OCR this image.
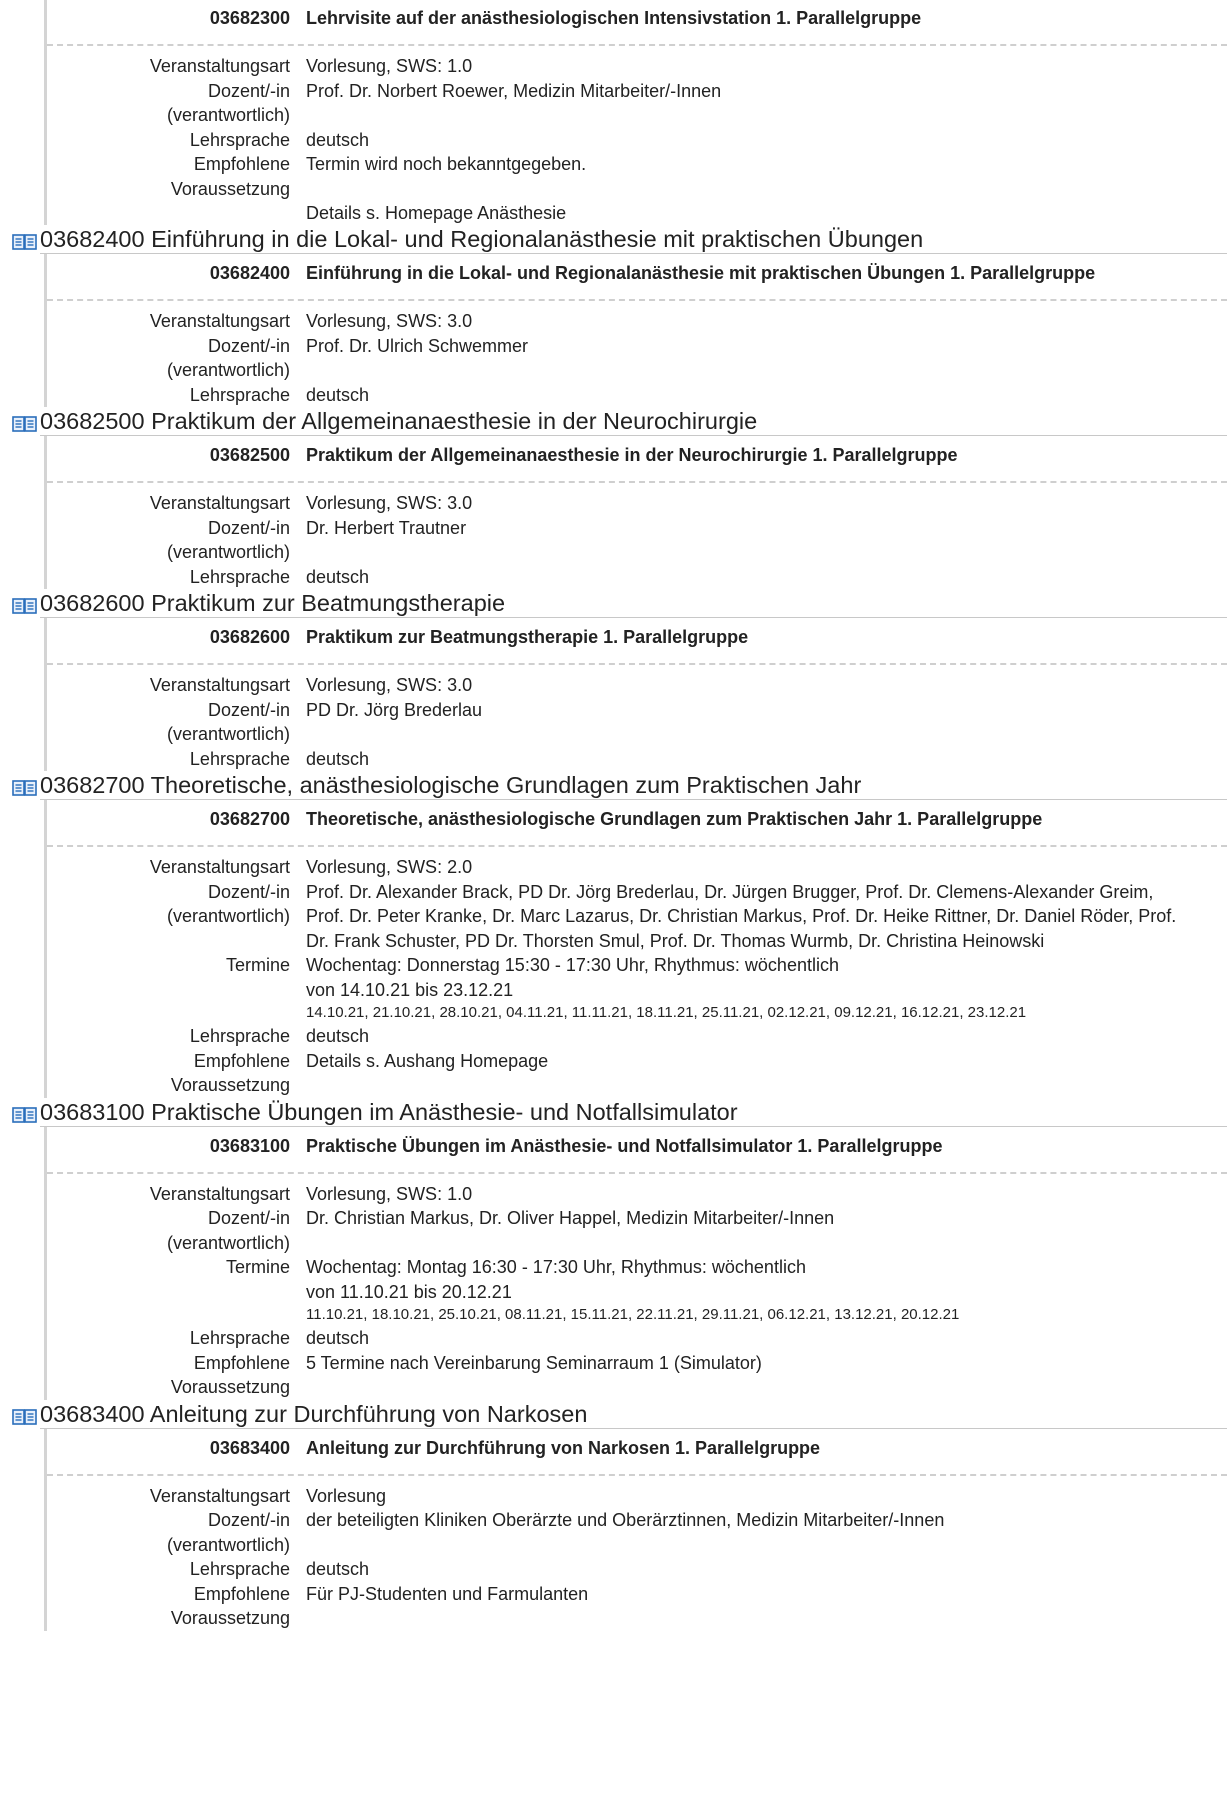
03682300 Lehrvisite auf der anästhesiologischen Intensivstation 1. Parallelgruppe
Veranstaltungsart Vorlesung, SWS: 1.0
Dozent/-in (verantwortlich)
Prof. Dr. Norbert Roewer, Medizin Mitarbeiter/-Innen
Lehrsprache deutsch
Empfohlene Voraussetzung
Termin wird noch bekanntgegeben.
Details s. Homepage Anästhesie
03682400 Einführung in die Lokal- und Regionalanästhesie mit praktischen Übungen
03682400 Einführung in die Lokal- und Regionalanästhesie mit praktischen Übungen 1. Parallelgruppe
Veranstaltungsart Vorlesung, SWS: 3.0
Dozent/-in (verantwortlich)
Prof. Dr. Ulrich Schwemmer
Lehrsprache deutsch
03682500 Praktikum der Allgemeinanaesthesie in der Neurochirurgie
03682500 Praktikum der Allgemeinanaesthesie in der Neurochirurgie 1. Parallelgruppe
Veranstaltungsart Vorlesung, SWS: 3.0
Dozent/-in (verantwortlich)
Dr. Herbert Trautner
Lehrsprache deutsch
03682600 Praktikum zur Beatmungstherapie
03682600 Praktikum zur Beatmungstherapie 1. Parallelgruppe
Veranstaltungsart Vorlesung, SWS: 3.0
Dozent/-in (verantwortlich)
PD Dr. Jörg Brederlau
Lehrsprache deutsch
03682700 Theoretische, anästhesiologische Grundlagen zum Praktischen Jahr
03682700 Theoretische, anästhesiologische Grundlagen zum Praktischen Jahr 1. Parallelgruppe
Veranstaltungsart Vorlesung, SWS: 2.0
Dozent/-in (verantwortlich)
Prof. Dr. Alexander Brack, PD Dr. Jörg Brederlau, Dr. Jürgen Brugger, Prof. Dr. Clemens-Alexander Greim, Prof. Dr. Peter Kranke, Dr. Marc Lazarus, Dr. Christian Markus, Prof. Dr. Heike Rittner, Dr. Daniel Röder, Prof. Dr. Frank Schuster, PD Dr. Thorsten Smul, Prof. Dr. Thomas Wurmb, Dr. Christina Heinowski
Termine Wochentag: Donnerstag 15:30 - 17:30 Uhr, Rhythmus: wöchentlich
von 14.10.21 bis 23.12.21
14.10.21, 21.10.21, 28.10.21, 04.11.21, 11.11.21, 18.11.21, 25.11.21, 02.12.21, 09.12.21, 16.12.21, 23.12.21
Lehrsprache deutsch
Empfohlene Voraussetzung
Details s. Aushang Homepage
03683100 Praktische Übungen im Anästhesie- und Notfallsimulator
03683100 Praktische Übungen im Anästhesie- und Notfallsimulator 1. Parallelgruppe
Veranstaltungsart Vorlesung, SWS: 1.0
Dozent/-in (verantwortlich)
Dr. Christian Markus, Dr. Oliver Happel, Medizin Mitarbeiter/-Innen
Termine Wochentag: Montag 16:30 - 17:30 Uhr, Rhythmus: wöchentlich
von 11.10.21 bis 20.12.21
11.10.21, 18.10.21, 25.10.21, 08.11.21, 15.11.21, 22.11.21, 29.11.21, 06.12.21, 13.12.21, 20.12.21
Lehrsprache deutsch
Empfohlene Voraussetzung
5 Termine nach Vereinbarung Seminarraum 1 (Simulator)
03683400 Anleitung zur Durchführung von Narkosen
03683400 Anleitung zur Durchführung von Narkosen 1. Parallelgruppe
Veranstaltungsart Vorlesung
Dozent/-in (verantwortlich)
der beteiligten Kliniken Oberärzte und Oberärztinnen, Medizin Mitarbeiter/-Innen
Lehrsprache deutsch
Empfohlene Voraussetzung
Für PJ-Studenten und Farmulanten
